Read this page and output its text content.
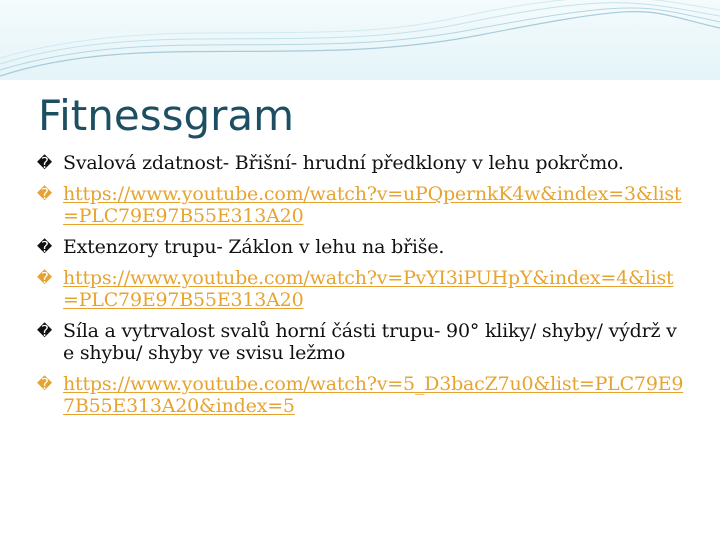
Fitnessgram
� Svalová zdatnost- Břišní- hrudní předklony v lehu pokrčmo.
� https://www.youtube.com/watch?v=uPQpernkK4w&index=3&list=PLC79E97B55E313A20
� Extenzory trupu- Záklon v lehu na břiše.
� https://www.youtube.com/watch?v=PvYI3iPUHpY&index=4&list=PLC79E97B55E313A20
� Síla a vytrvalost svalů horní části trupu- 90° kliky/ shyby/ výdrž ve shybu/ shyby ve svisu ležmo
� https://www.youtube.com/watch?v=5_D3bacZ7u0&list=PLC79E97B55E313A20&index=5
